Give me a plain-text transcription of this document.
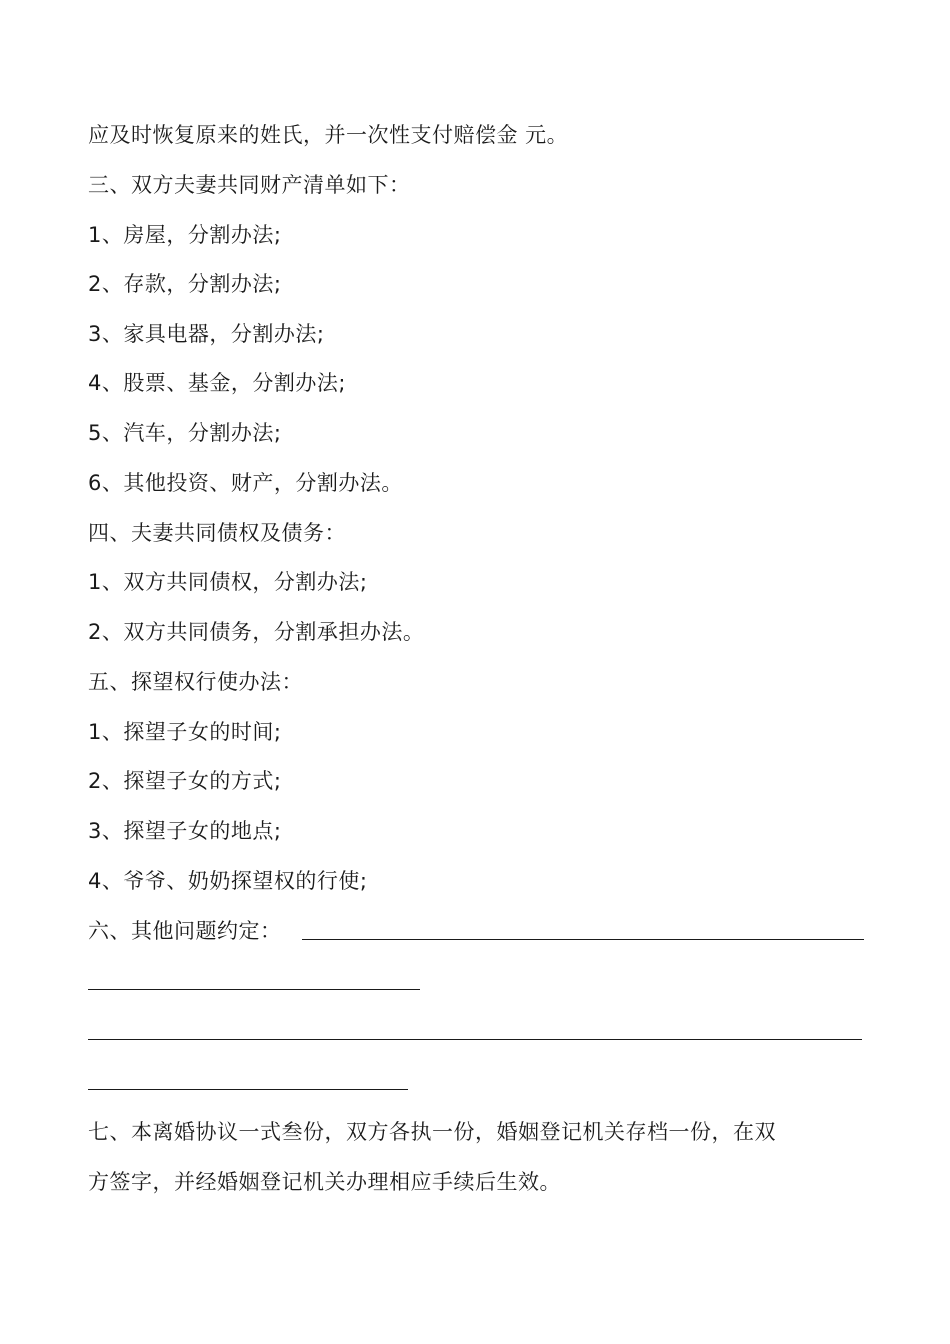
应及时恢复原来的姓氏，并一次性支付赔偿金 元。
三、双方夫妻共同财产清单如下：
1、房屋，分割办法;
2、存款，分割办法;
3、家具电器，分割办法;
4、股票、基金，分割办法;
5、汽车，分割办法;
6、其他投资、财产，分割办法。
四、夫妻共同债权及债务：
1、双方共同债权，分割办法;
2、双方共同债务，分割承担办法。
五、探望权行使办法：
1、探望子女的时间;
2、探望子女的方式;
3、探望子女的地点;
4、爷爷、奶奶探望权的行使;
六、其他问题约定：
七、本离婚协议一式叁份，双方各执一份，婚姻登记机关存档一份，在双
方签字，并经婚姻登记机关办理相应手续后生效。
